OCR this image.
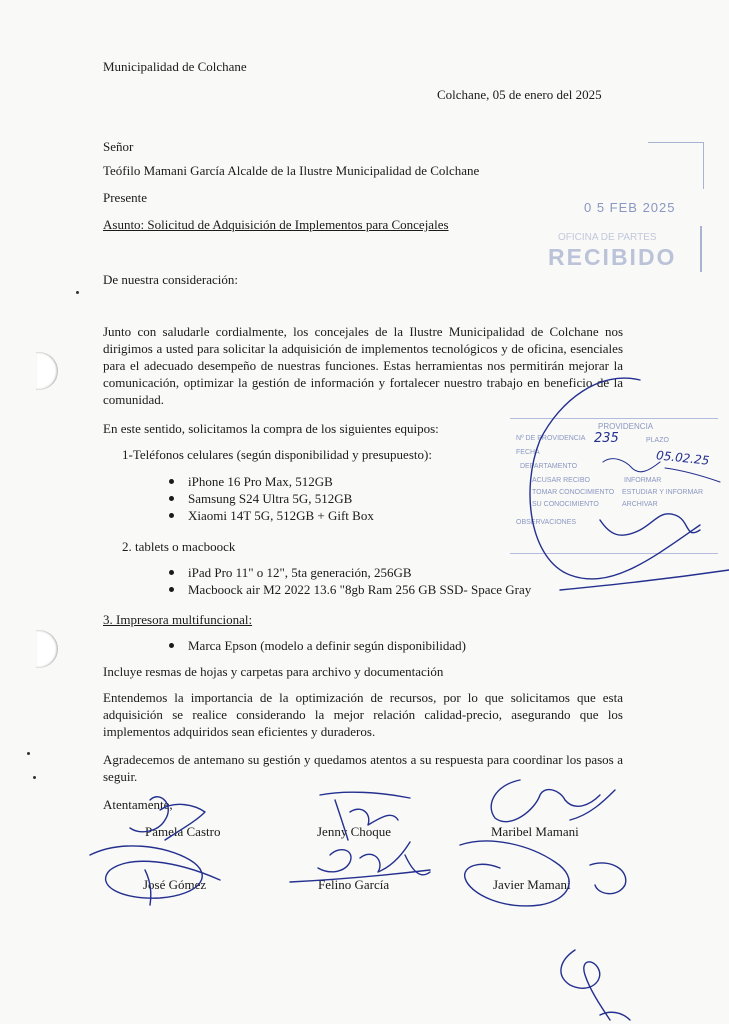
0 5 FEB 2025
OFICINA DE PARTES
RECIBIDO
PROVIDENCIA
Nº DE PROVIDENCIA	PLAZO
FECHA
DEPARTAMENTO
ACUSAR RECIBO	INFORMAR
TOMAR CONOCIMIENTO ESTUDIAR Y INFORMAR
SU CONOCIMIENTO	ARCHIVAR
OBSERVACIONES
235
05.02.25
Municipalidad de Colchane
Colchane, 05 de enero del 2025
Señor
Teófilo Mamani García Alcalde de la Ilustre Municipalidad de Colchane
Presente
Asunto: Solicitud de Adquisición de Implementos para Concejales
De nuestra consideración:
Junto con saludarle cordialmente, los concejales de la Ilustre Municipalidad de Colchane nos dirigimos a usted para solicitar la adquisición de implementos tecnológicos y de oficina, esenciales para el adecuado desempeño de nuestras funciones. Estas herramientas nos permitirán mejorar la comunicación, optimizar la gestión de información y fortalecer nuestro trabajo en beneficio de la comunidad.
En este sentido, solicitamos la compra de los siguientes equipos:
1-Teléfonos celulares (según disponibilidad y presupuesto):
iPhone 16 Pro Max, 512GB
Samsung S24 Ultra 5G, 512GB
Xiaomi 14T 5G, 512GB + Gift Box
2. tablets o macboock
iPad Pro 11" o 12", 5ta generación, 256GB
Macboock air M2 2022 13.6 "8gb Ram 256 GB SSD- Space Gray
3. Impresora multifuncional:
Marca Epson (modelo a definir según disponibilidad)
Incluye resmas de hojas y carpetas para archivo y documentación
Entendemos la importancia de la optimización de recursos, por lo que solicitamos que esta adquisición se realice considerando la mejor relación calidad-precio, asegurando que los implementos adquiridos sean eficientes y duraderos.
Agradecemos de antemano su gestión y quedamos atentos a su respuesta para coordinar los pasos a seguir.
Atentamente,
Pamela Castro	Jenny Choque	Maribel Mamani
José Gómez	Felino García	Javier Mamani
